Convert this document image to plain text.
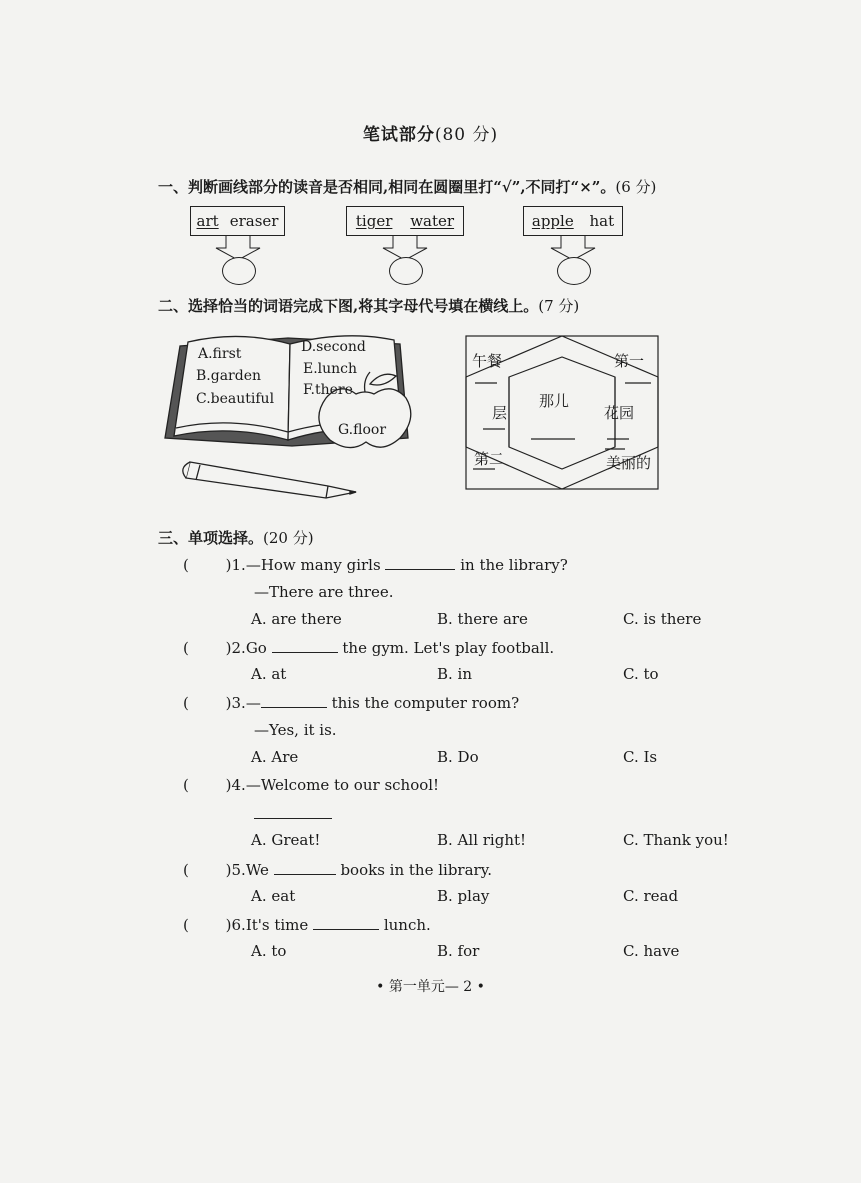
笔试部分(80 分)
一、判断画线部分的读音是否相同,相同在圆圈里打“√”,不同打“×”。(6 分)
art eraser	tiger water	apple hat
二、选择恰当的词语完成下图,将其字母代号填在横线上。(7 分)
A.first
B.garden
C.beautiful
D.second
E.lunch
F.there
G.floor
午餐	第一
层
那儿
花园
第二	美丽的
三、单项选择。(20 分)
( )1.—How many girls	in the library?
—There are three.
A. are there	B. there are	C. is there
( )2.Go	the gym. Let's play football.
A. at	B. in	C. to
( )3.—	this the computer room?
—Yes, it is.
A. Are	B. Do	C. Is
( )4.—Welcome to our school!
A. Great!	B. All right!	C. Thank you!
( )5.We	books in the library.
A. eat	B. play	C. read
( )6.It's time	lunch.
A. to	B. for	C. have
• 第一单元— 2 •
